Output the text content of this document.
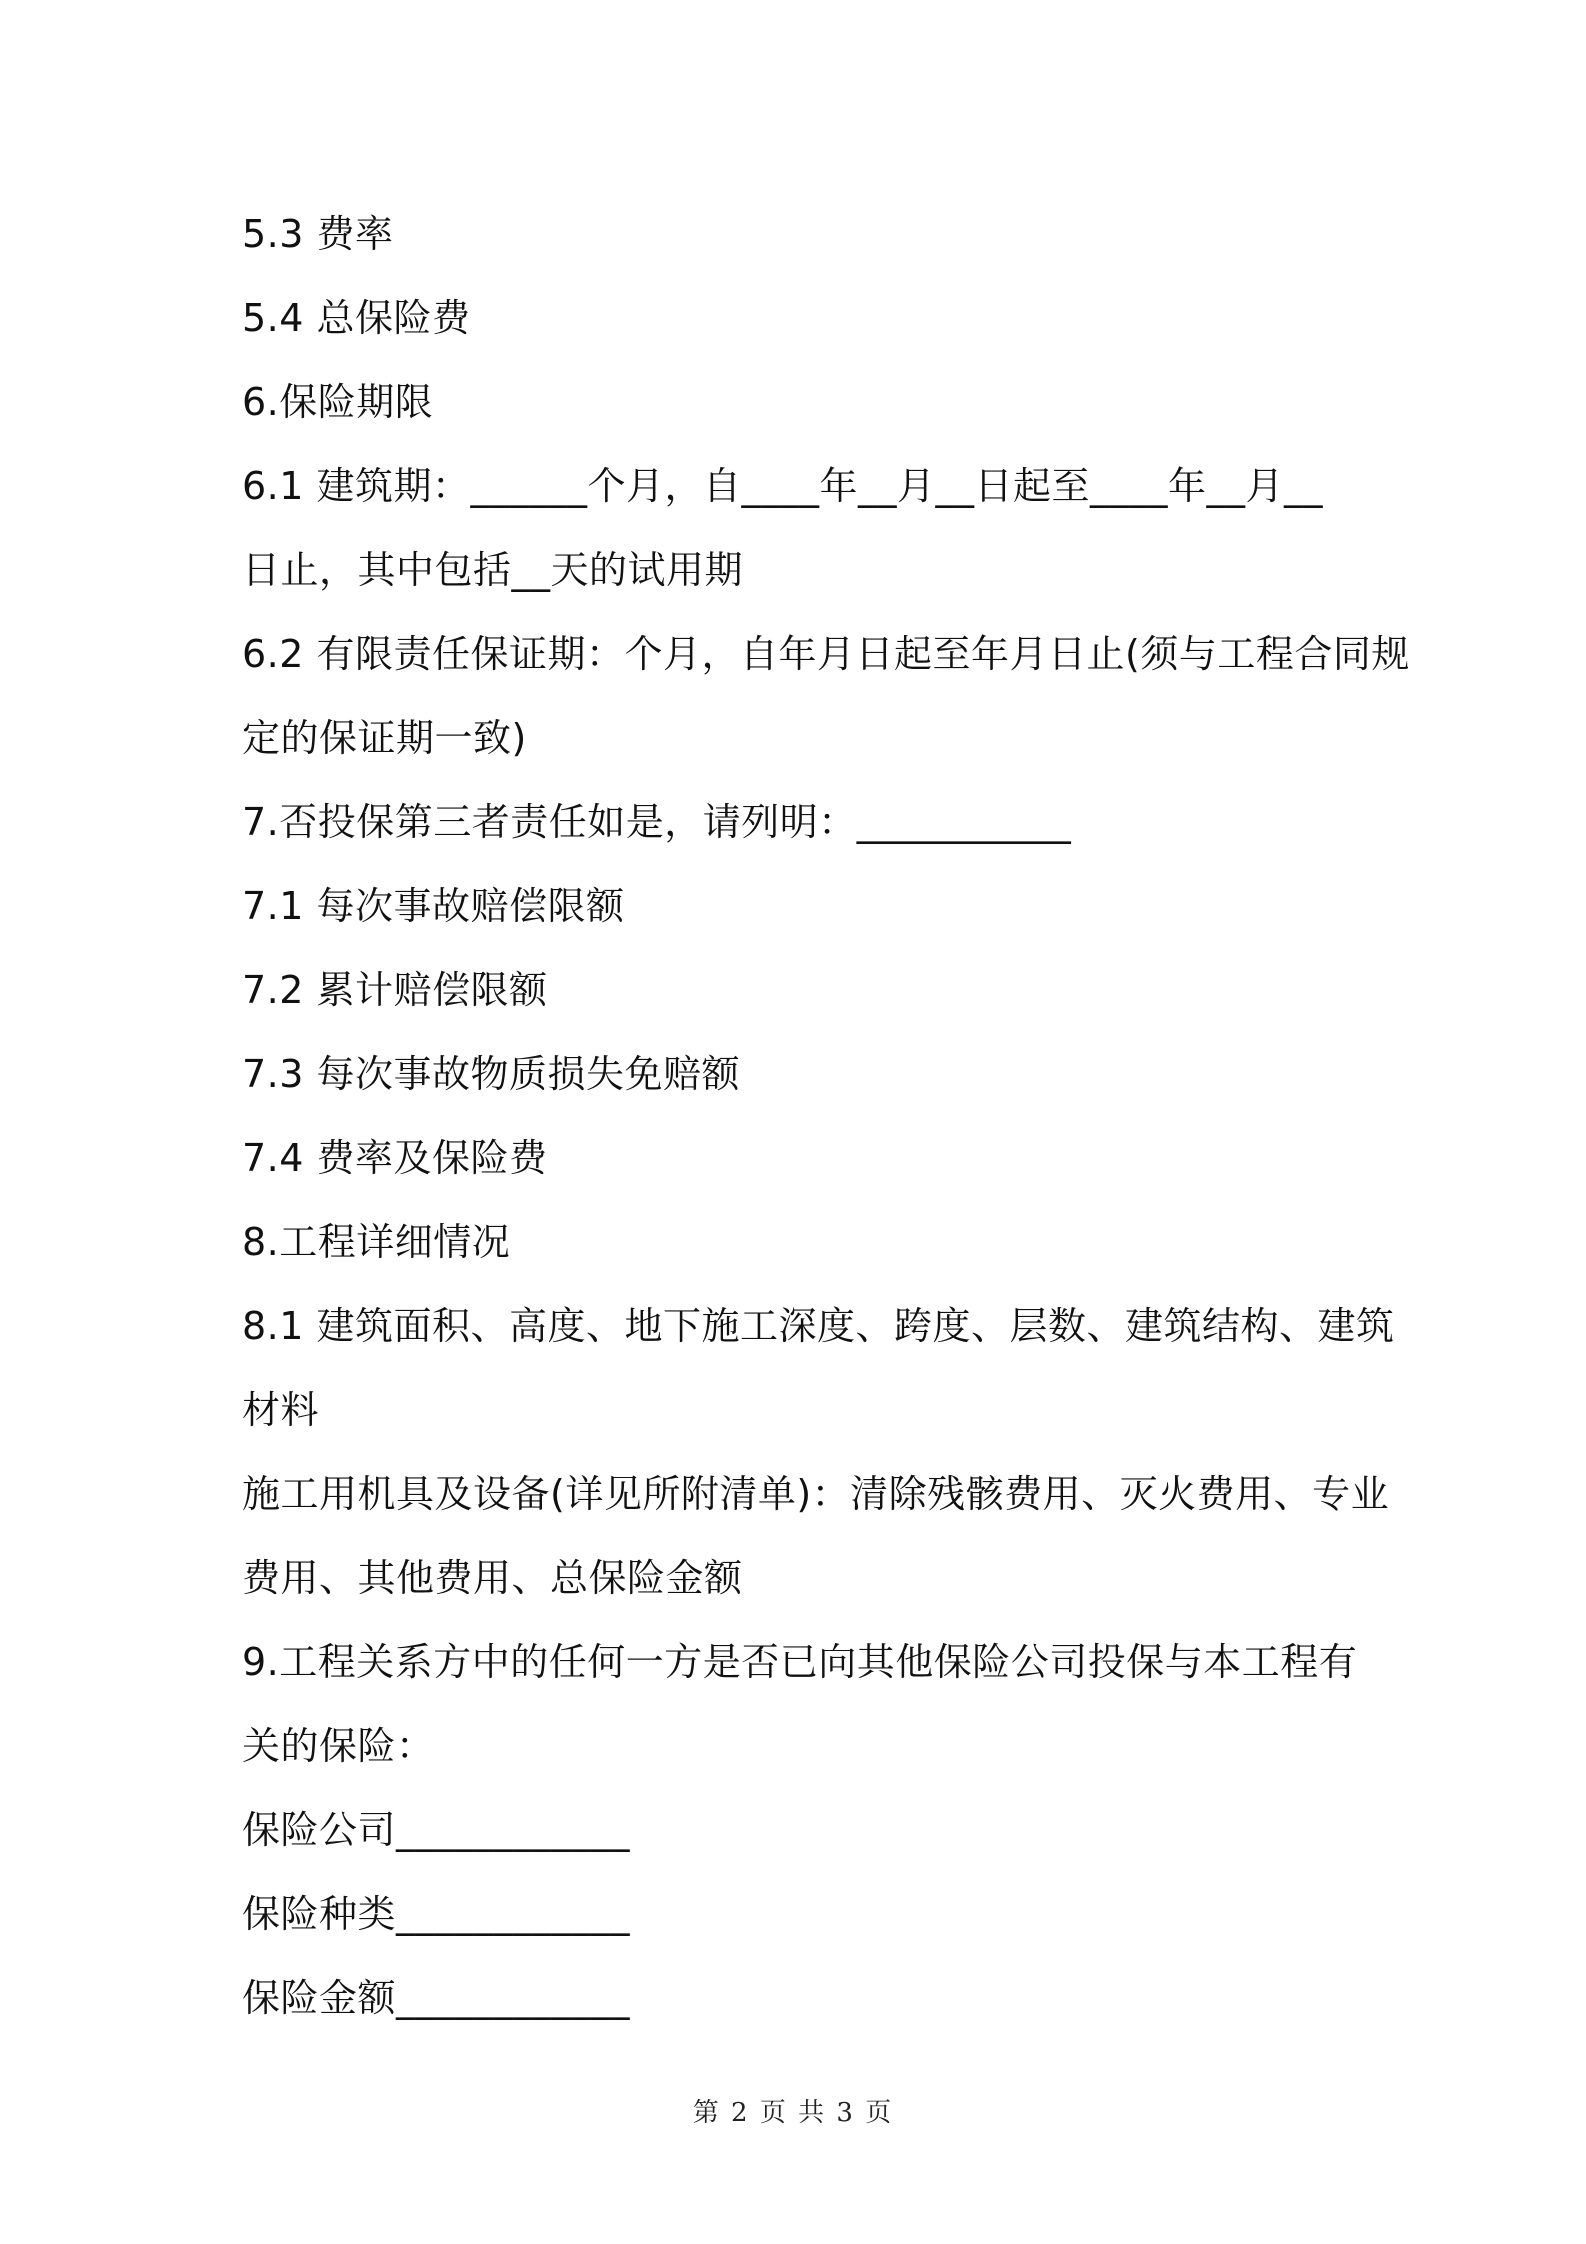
5.3 费率
5.4 总保险费
6.保险期限
6.1 建筑期：______个月，自____年__月__日起至____年__月__
日止，其中包括__天的试用期
6.2 有限责任保证期：个月，自年月日起至年月日止(须与工程合同规
定的保证期一致)
7.否投保第三者责任如是，请列明：___________
7.1 每次事故赔偿限额
7.2 累计赔偿限额
7.3 每次事故物质损失免赔额
7.4 费率及保险费
8.工程详细情况
8.1 建筑面积、高度、地下施工深度、跨度、层数、建筑结构、建筑
材料
施工用机具及设备(详见所附清单)：清除残骸费用、灭火费用、专业
费用、其他费用、总保险金额
9.工程关系方中的任何一方是否已向其他保险公司投保与本工程有
关的保险：
保险公司____________
保险种类____________
保险金额____________
第 2 页 共 3 页
